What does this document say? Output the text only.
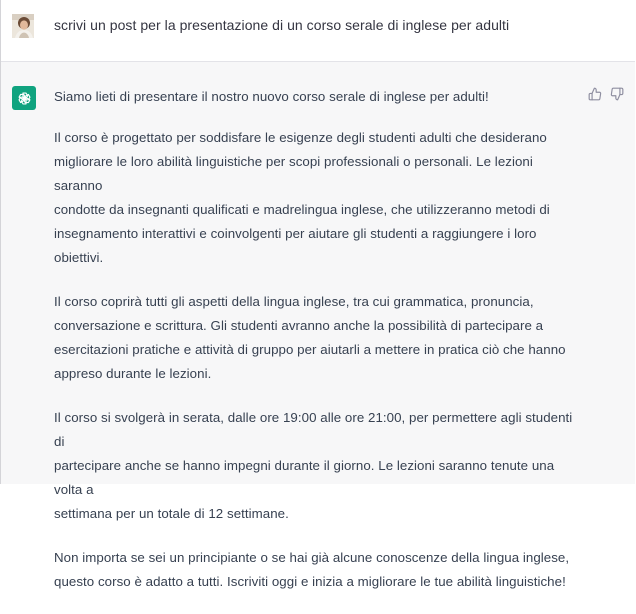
scrivi un post per la presentazione di un corso serale di inglese per adulti

Siamo lieti di presentare il nostro nuovo corso serale di inglese per adulti!

Il corso è progettato per soddisfare le esigenze degli studenti adulti che desiderano

migliorare le loro abilità linguistiche per scopi professionali o personali. Le lezioni saranno

condotte da insegnanti qualificati e madrelingua inglese, che utilizzeranno metodi di

insegnamento interattivi e coinvolgenti per aiutare gli studenti a raggiungere i loro obiettivi.

Il corso coprirà tutti gli aspetti della lingua inglese, tra cui grammatica, pronuncia,

conversazione e scrittura. Gli studenti avranno anche la possibilità di partecipare a

esercitazioni pratiche e attività di gruppo per aiutarli a mettere in pratica ciò che hanno

appreso durante le lezioni.

Il corso si svolgerà in serata, dalle ore 19:00 alle ore 21:00, per permettere agli studenti di

partecipare anche se hanno impegni durante il giorno. Le lezioni saranno tenute una volta a

settimana per un totale di 12 settimane.

Non importa se sei un principiante o se hai già alcune conoscenze della lingua inglese,

questo corso è adatto a tutti. Iscriviti oggi e inizia a migliorare le tue abilità linguistiche!
